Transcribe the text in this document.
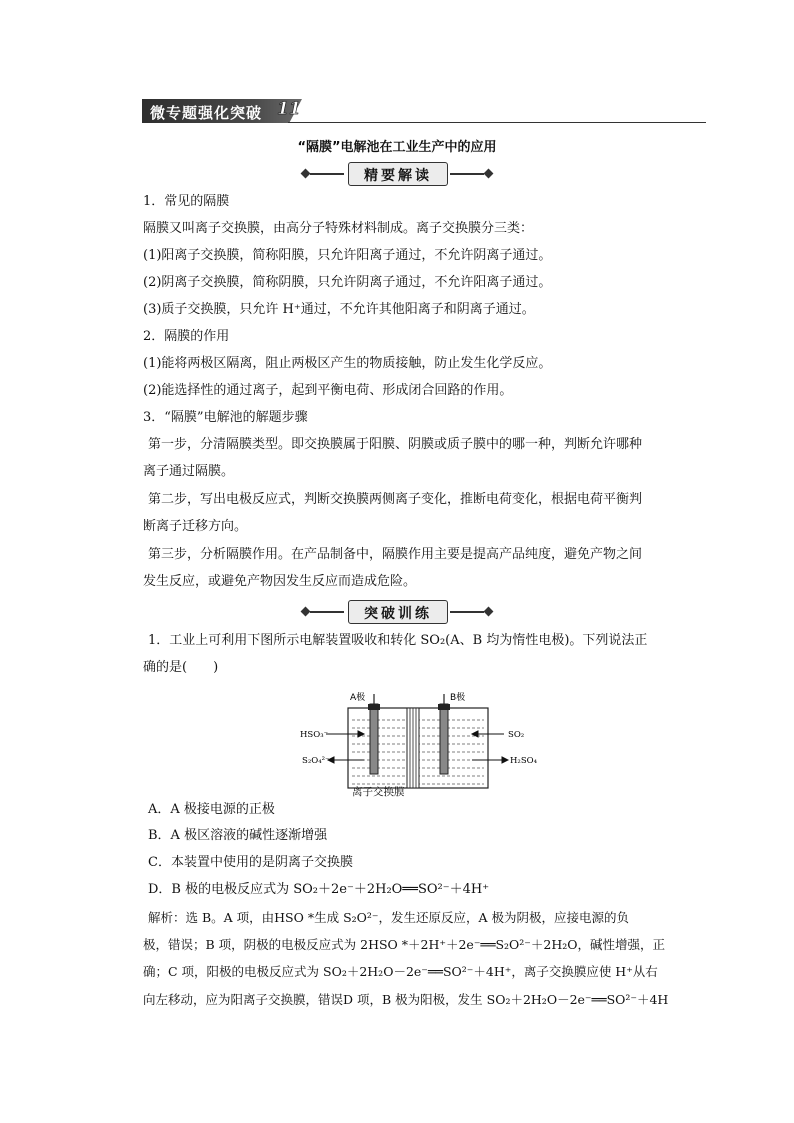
微专题强化突破 11
“隔膜”电解池在工业生产中的应用
精要解读
1．常见的隔膜
隔膜又叫离子交换膜，由高分子特殊材料制成。离子交换膜分三类：
(1)阳离子交换膜，简称阳膜，只允许阳离子通过，不允许阴离子通过。
(2)阴离子交换膜，简称阴膜，只允许阴离子通过，不允许阳离子通过。
(3)质子交换膜，只允许 H⁺通过，不允许其他阳离子和阴离子通过。
2．隔膜的作用
(1)能将两极区隔离，阻止两极区产生的物质接触，防止发生化学反应。
(2)能选择性的通过离子，起到平衡电荷、形成闭合回路的作用。
3．“隔膜”电解池的解题步骤
第一步，分清隔膜类型。即交换膜属于阳膜、阴膜或质子膜中的哪一种，判断允许哪种
离子通过隔膜。
第二步，写出电极反应式，判断交换膜两侧离子变化，推断电荷变化，根据电荷平衡判
断离子迁移方向。
第三步，分析隔膜作用。在产品制备中，隔膜作用主要是提高产品纯度，避免产物之间
发生反应，或避免产物因发生反应而造成危险。
突破训练
1．工业上可利用下图所示电解装置吸收和转化 SO₂(A、B 均为惰性电极)。下列说法正
确的是(　　)
A极	B极
HSO₃⁻
S₂O₄²⁻
SO₂
H₂SO₄
离子交换膜
A．A 极接电源的正极
B．A 极区溶液的碱性逐渐增强
C．本装置中使用的是阴离子交换膜
D．B 极的电极反应式为 SO₂＋2e⁻＋2H₂O══SO²⁻＋4H⁺
解析：选 B。A 项，由HSO *生成 S₂O²⁻，发生还原反应，A 极为阴极，应接电源的负
极，错误；B 项，阴极的电极反应式为 2HSO *＋2H⁺＋2e⁻══S₂O²⁻＋2H₂O，碱性增强，正
确；C 项，阳极的电极反应式为 SO₂＋2H₂O－2e⁻══SO²⁻＋4H⁺，离子交换膜应使 H⁺从右
向左移动，应为阳离子交换膜，错误D 项，B 极为阳极，发生 SO₂＋2H₂O－2e⁻══SO²⁻＋4H
